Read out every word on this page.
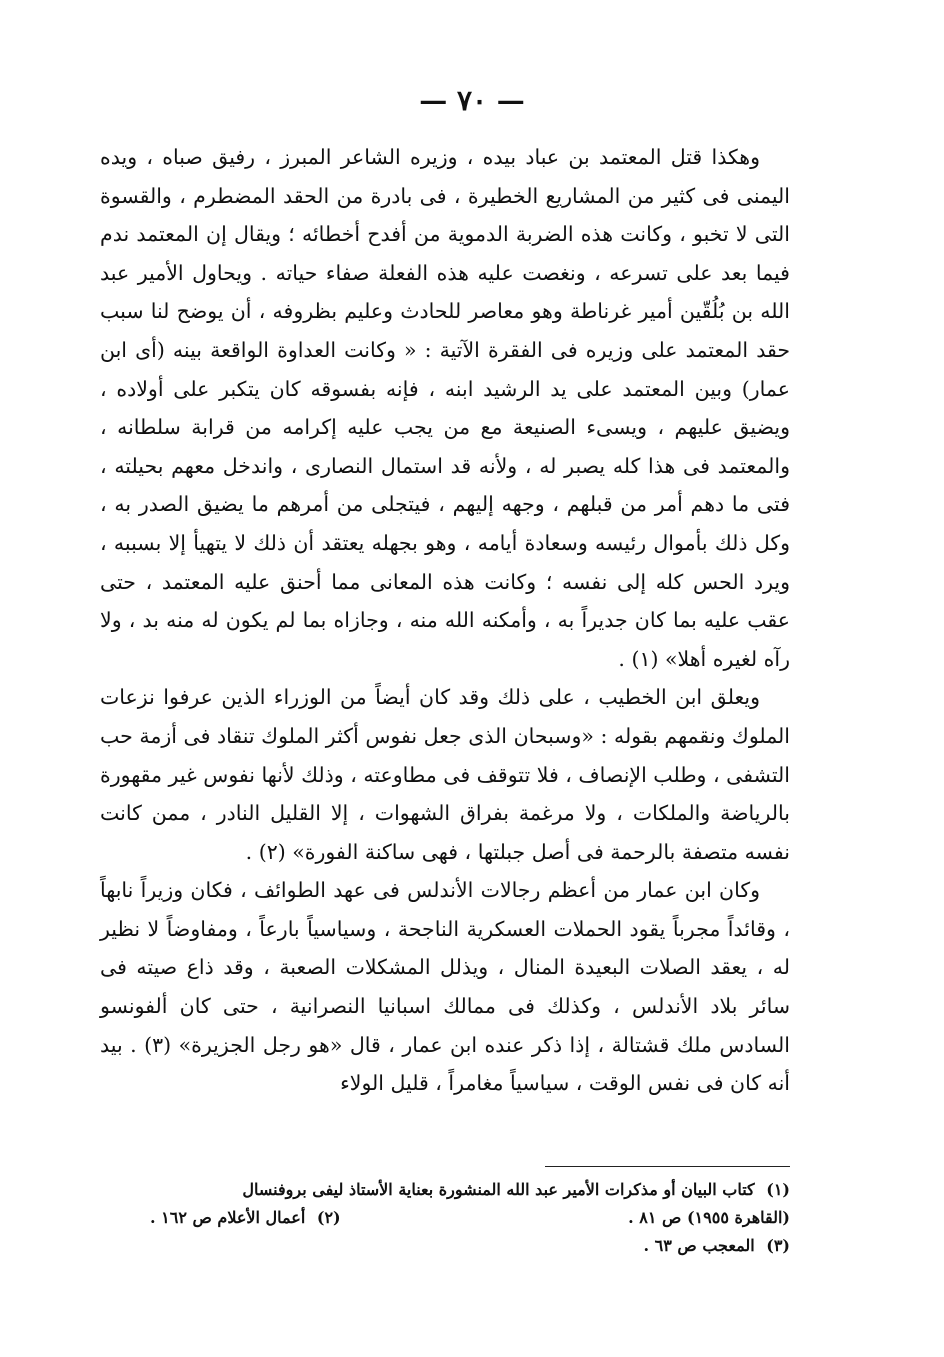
— ٧٠ —

وهكذا قتل المعتمد بن عباد بيده ، وزيره الشاعر المبرز ، رفيق صباه ، ويده اليمنى فى كثير من المشاريع الخطيرة ، فى بادرة من الحقد المضطرم ، والقسوة التى لا تخبو ، وكانت هذه الضربة الدموية من أفدح أخطائه ؛ ويقال إن المعتمد ندم فيما بعد على تسرعه ، ونغصت عليه هذه الفعلة صفاء حياته . ويحاول الأمير عبد الله بن بُلُقّين أمير غرناطة وهو معاصر للحادث وعليم بظروفه ، أن يوضح لنا سبب حقد المعتمد على وزيره فى الفقرة الآتية : « وكانت العداوة الواقعة بينه (أى ابن عمار) وبين المعتمد على يد الرشيد ابنه ، فإنه بفسوقه كان يتكبر على أولاده ، ويضيق عليهم ، ويسىء الصنيعة مع من يجب عليه إكرامه من قرابة سلطانه ، والمعتمد فى هذا كله يصبر له ، ولأنه قد استمال النصارى ، واندخل معهم بحيلته ، فتى ما دهم أمر من قبلهم ، وجهه إليهم ، فيتجلى من أمرهم ما يضيق الصدر به ، وكل ذلك بأموال رئيسه وسعادة أيامه ، وهو بجهله يعتقد أن ذلك لا يتهيأ إلا بسببه ، ويرد الحس كله إلى نفسه ؛ وكانت هذه المعانى مما أحنق عليه المعتمد ، حتى عقب عليه بما كان جديراً به ، وأمكنه الله منه ، وجازاه بما لم يكون له منه بد ، ولا رآه لغيره أهلا» (١) .

ويعلق ابن الخطيب ، على ذلك وقد كان أيضاً من الوزراء الذين عرفوا نزعات الملوك ونقمهم بقوله : «وسبحان الذى جعل نفوس أكثر الملوك تنقاد فى أزمة حب التشفى ، وطلب الإنصاف ، فلا تتوقف فى مطاوعته ، وذلك لأنها نفوس غير مقهورة بالرياضة والملكات ، ولا مرغمة بفراق الشهوات ، إلا القليل النادر ، ممن كانت نفسه متصفة بالرحمة فى أصل جبلتها ، فهى ساكنة الفورة» (٢) .

وكان ابن عمار من أعظم رجالات الأندلس فى عهد الطوائف ، فكان وزيراً نابهاً ، وقائداً مجرباً يقود الحملات العسكرية الناجحة ، وسياسياً بارعاً ، ومفاوضاً لا نظير له ، يعقد الصلات البعيدة المنال ، ويذلل المشكلات الصعبة ، وقد ذاع صيته فى سائر بلاد الأندلس ، وكذلك فى ممالك اسبانيا النصرانية ، حتى كان ألفونسو السادس ملك قشتالة ، إذا ذكر عنده ابن عمار ، قال «هو رجل الجزيرة» (٣) . بيد أنه كان فى نفس الوقت ، سياسياً مغامراً ، قليل الولاء

(١) كتاب البيان أو مذكرات الأمير عبد الله المنشورة بعناية الأستاذ ليفى بروفنسال

(القاهرة ١٩٥٥) ص ٨١ .

(٢) أعمال الأعلام ص ١٦٢ .

(٣) المعجب ص ٦٣ .
